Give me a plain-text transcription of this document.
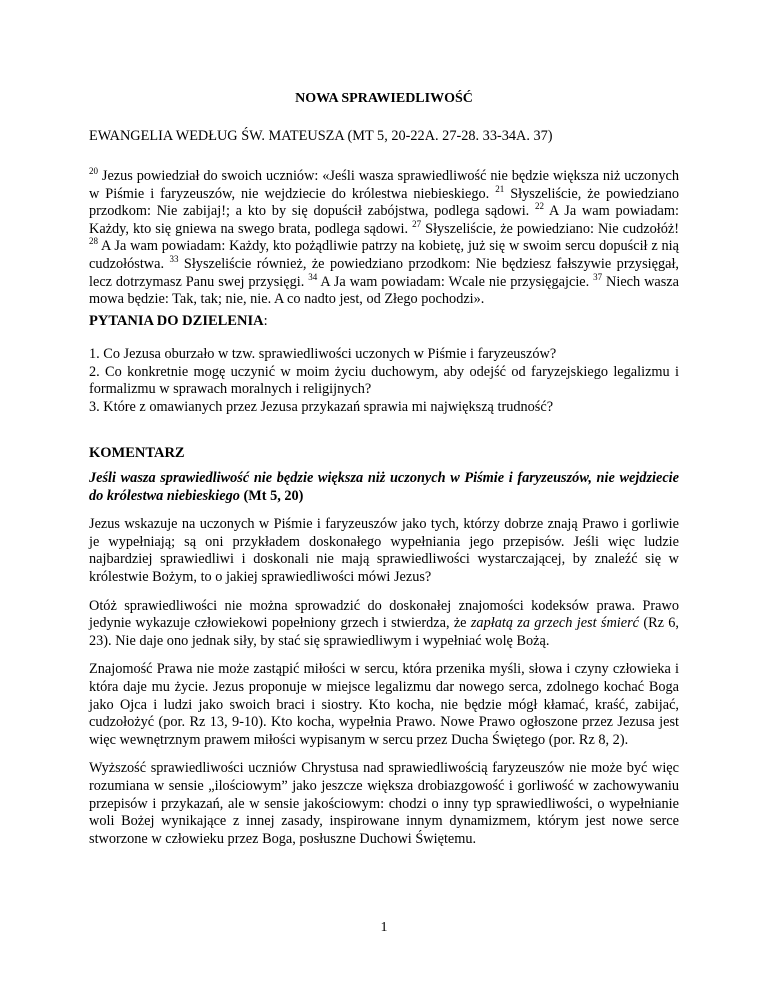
NOWA SPRAWIEDLIWOŚĆ
EWANGELIA WEDŁUG ŚW. MATEUSZA (MT 5, 20-22A. 27-28. 33-34A. 37)
$^{20}$ Jezus powiedział do swoich uczniów: «Jeśli wasza sprawiedliwość nie będzie większa niż uczonych w Piśmie i faryzeuszów, nie wejdziecie do królestwa niebieskiego. $^{21}$ Słyszeliście, że powiedziano przodkom: Nie zabijaj!; a kto by się dopuścił zabójstwa, podlega sądowi. $^{22}$ A Ja wam powiadam: Każdy, kto się gniewa na swego brata, podlega sądowi. $^{27}$ Słyszeliście, że powiedziano: Nie cudzołóż! $^{28}$ A Ja wam powiadam: Każdy, kto pożądliwie patrzy na kobietę, już się w swoim sercu dopuścił z nią cudzołóstwa. $^{33}$ Słyszeliście również, że powiedziano przodkom: Nie będziesz fałszywie przysięgał, lecz dotrzymasz Panu swej przysięgi. $^{34}$ A Ja wam powiadam: Wcale nie przysięgajcie. $^{37}$ Niech wasza mowa będzie: Tak, tak; nie, nie. A co nadto jest, od Złego pochodzi».
PYTANIA DO DZIELENIA:
1. Co Jezusa oburzało w tzw. sprawiedliwości uczonych w Piśmie i faryzeuszów?
2. Co konkretnie mogę uczynić w moim życiu duchowym, aby odejść od faryzejskiego legalizmu i formalizmu w sprawach moralnych i religijnych?
3. Które z omawianych przez Jezusa przykazań sprawia mi największą trudność?
KOMENTARZ

Jeśli wasza sprawiedliwość nie będzie większa niż uczonych w Piśmie i faryzeuszów, nie wejdziecie do królestwa niebieskiego (Mt 5, 20)

Jezus wskazuje na uczonych w Piśmie i faryzeuszów jako tych, którzy dobrze znają Prawo i gorliwie je wypełniają; są oni przykładem doskonałego wypełniania jego przepisów. Jeśli więc ludzie najbardziej sprawiedliwi i doskonali nie mają sprawiedliwości wystarczającej, by znaleźć się w królestwie Bożym, to o jakiej sprawiedliwości mówi Jezus?

Otóż sprawiedliwości nie można sprowadzić do doskonałej znajomości kodeksów prawa. Prawo jedynie wykazuje człowiekowi popełniony grzech i stwierdza, że zapłatą za grzech jest śmierć (Rz 6, 23). Nie daje ono jednak siły, by stać się sprawiedliwym i wypełniać wolę Bożą.

Znajomość Prawa nie może zastąpić miłości w sercu, która przenika myśli, słowa i czyny człowieka i która daje mu życie. Jezus proponuje w miejsce legalizmu dar nowego serca, zdolnego kochać Boga jako Ojca i ludzi jako swoich braci i siostry. Kto kocha, nie będzie mógł kłamać, kraść, zabijać, cudzołożyć (por. Rz 13, 9-10). Kto kocha, wypełnia Prawo. Nowe Prawo ogłoszone przez Jezusa jest więc wewnętrznym prawem miłości wypisanym w sercu przez Ducha Świętego (por. Rz 8, 2).

Wyższość sprawiedliwości uczniów Chrystusa nad sprawiedliwością faryzeuszów nie może być więc rozumiana w sensie „ilościowym” jako jeszcze większa drobiazgowość i gorliwość w zachowywaniu przepisów i przykazań, ale w sensie jakościowym: chodzi o inny typ sprawiedliwości, o wypełnianie woli Bożej wynikające z innej zasady, inspirowane innym dynamizmem, którym jest nowe serce stworzone w człowieku przez Boga, posłuszne Duchowi Świętemu.

1
